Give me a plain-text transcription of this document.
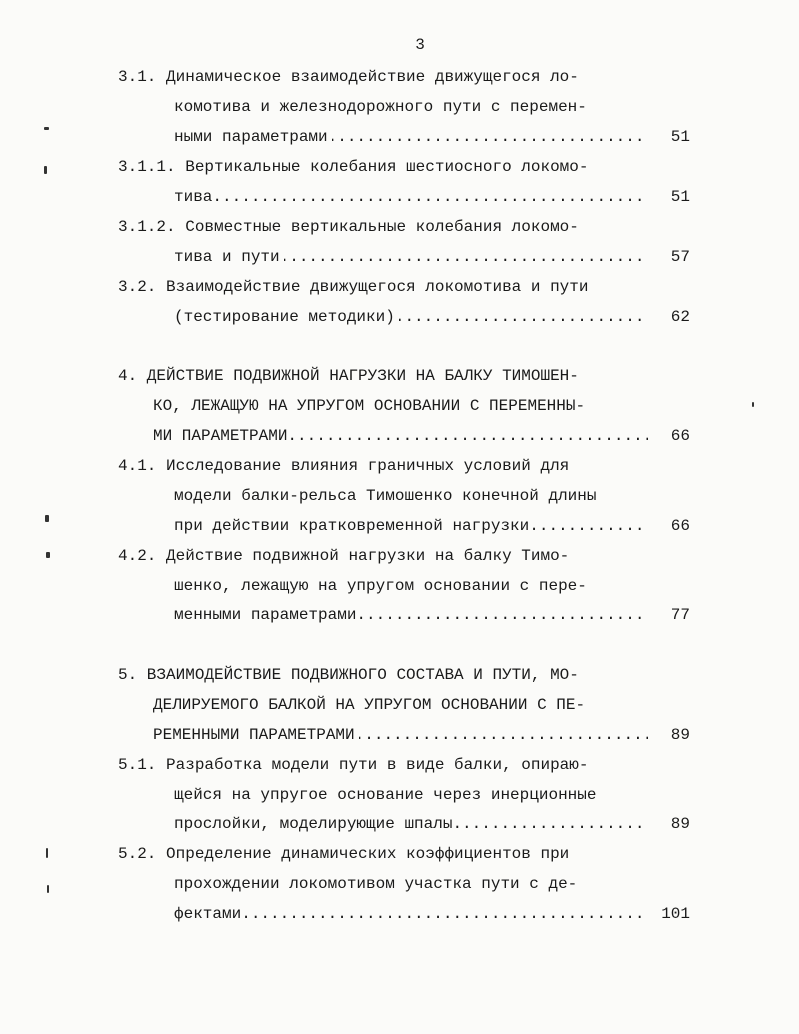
3
3.1. Динамическое взаимодействие движущегося ло-
комотива и железнодорожного пути с перемен-
ными параметрами .....	51
3.1.1. Вертикальные колебания шестиосного локомо-
тива .....	51
3.1.2. Совместные вертикальные колебания локомо-
тива и пути .....	57
3.2. Взаимодействие движущегося локомотива и пути
(тестирование методики) .....	62
4. ДЕЙСТВИЕ ПОДВИЖНОЙ НАГРУЗКИ НА БАЛКУ ТИМОШЕН-
КО, ЛЕЖАЩУЮ НА УПРУГОМ ОСНОВАНИИ С ПЕРЕМЕННЫ-
МИ ПАРАМЕТРАМИ .....	66
4.1. Исследование влияния граничных условий для
модели балки-рельса Тимошенко конечной длины
при действии кратковременной нагрузки .....	66
4.2. Действие подвижной нагрузки на балку Тимо-
шенко, лежащую на упругом основании с пере-
менными параметрами .....	77
5. ВЗАИМОДЕЙСТВИЕ ПОДВИЖНОГО СОСТАВА И ПУТИ, МО-
ДЕЛИРУЕМОГО БАЛКОЙ НА УПРУГОМ ОСНОВАНИИ С ПЕ-
РЕМЕННЫМИ ПАРАМЕТРАМИ .....	89
5.1. Разработка модели пути в виде балки, опираю-
щейся на упругое основание через инерционные
прослойки, моделирующие шпалы .....	89
5.2. Определение динамических коэффициентов при
прохождении локомотивом участка пути с де-
фектами .....	101
